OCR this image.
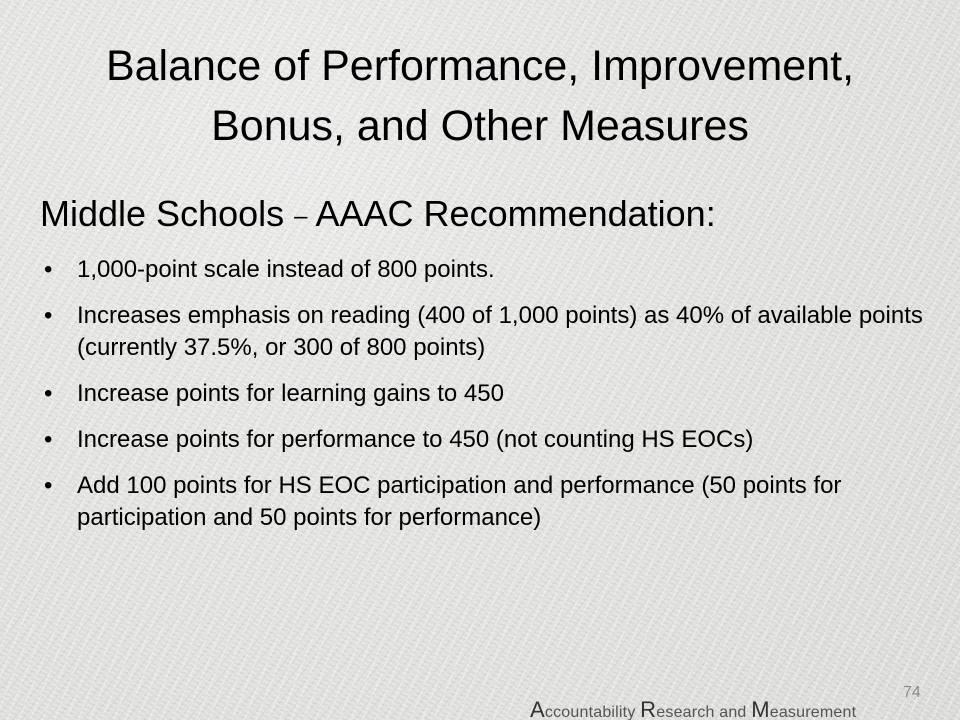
Balance of Performance, Improvement,
Bonus, and Other Measures
Middle Schools – AAAC Recommendation:
• 1,000-point scale instead of 800 points.
• Increases emphasis on reading (400 of 1,000 points) as 40% of available points (currently 37.5%, or 300 of 800 points)
• Increase points for learning gains to 450
• Increase points for performance to 450 (not counting HS EOCs)
• Add 100 points for HS EOC participation and performance (50 points for participation and 50 points for performance)
74
Accountability Research and Measurement
